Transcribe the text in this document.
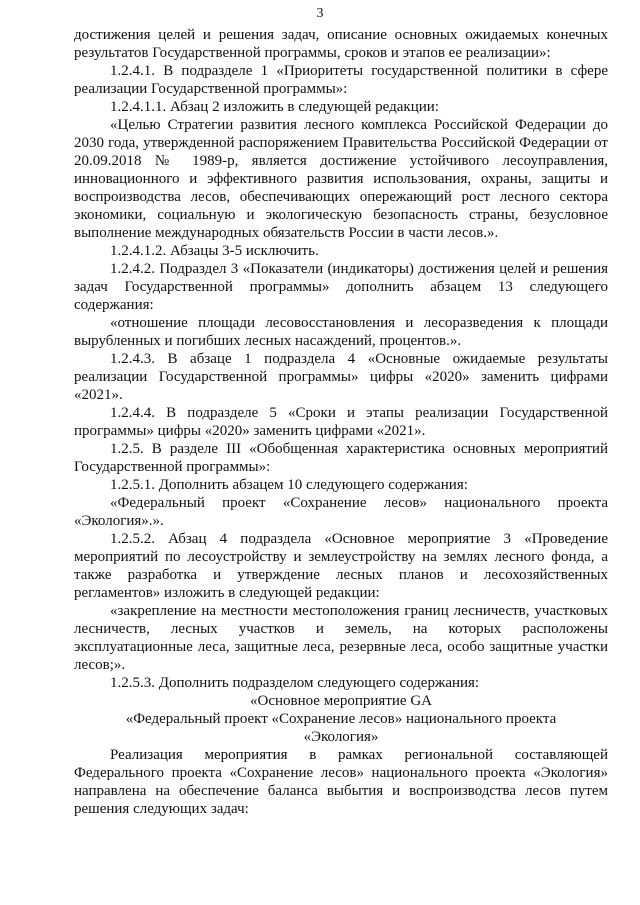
3

достижения целей и решения задач, описание основных ожидаемых конечных результатов Государственной программы, сроков и этапов ее реализации»:

1.2.4.1. В подразделе 1 «Приоритеты государственной политики в сфере реализации Государственной программы»:

1.2.4.1.1. Абзац 2 изложить в следующей редакции:

«Целью Стратегии развития лесного комплекса Российской Федерации до 2030 года, утвержденной распоряжением Правительства Российской Федерации от 20.09.2018 № 1989-р, является достижение устойчивого лесоуправления, инновационного и эффективного развития использования, охраны, защиты и воспроизводства лесов, обеспечивающих опережающий рост лесного сектора экономики, социальную и экологическую безопасность страны, безусловное выполнение международных обязательств России в части лесов.».

1.2.4.1.2. Абзацы 3-5 исключить.

1.2.4.2. Подраздел 3 «Показатели (индикаторы) достижения целей и решения задач Государственной программы» дополнить абзацем 13 следующего содержания:

«отношение площади лесовосстановления и лесоразведения к площади вырубленных и погибших лесных насаждений, процентов.».

1.2.4.3. В абзаце 1 подраздела 4 «Основные ожидаемые результаты реализации Государственной программы» цифры «2020» заменить цифрами «2021».

1.2.4.4. В подразделе 5 «Сроки и этапы реализации Государственной программы» цифры «2020» заменить цифрами «2021».

1.2.5. В разделе III «Обобщенная характеристика основных мероприятий Государственной программы»:

1.2.5.1. Дополнить абзацем 10 следующего содержания:

«Федеральный проект «Сохранение лесов» национального проекта «Экология».».

1.2.5.2. Абзац 4 подраздела «Основное мероприятие 3 «Проведение мероприятий по лесоустройству и землеустройству на землях лесного фонда, а также разработка и утверждение лесных планов и лесохозяйственных регламентов» изложить в следующей редакции:

«закрепление на местности местоположения границ лесничеств, участковых лесничеств, лесных участков и земель, на которых расположены эксплуатационные леса, защитные леса, резервные леса, особо защитные участки лесов;».

1.2.5.3. Дополнить подразделом следующего содержания:

«Основное мероприятие GA

«Федеральный проект «Сохранение лесов» национального проекта

«Экология»

Реализация мероприятия в рамках региональной составляющей Федерального проекта «Сохранение лесов» национального проекта «Экология» направлена на обеспечение баланса выбытия и воспроизводства лесов путем решения следующих задач:
